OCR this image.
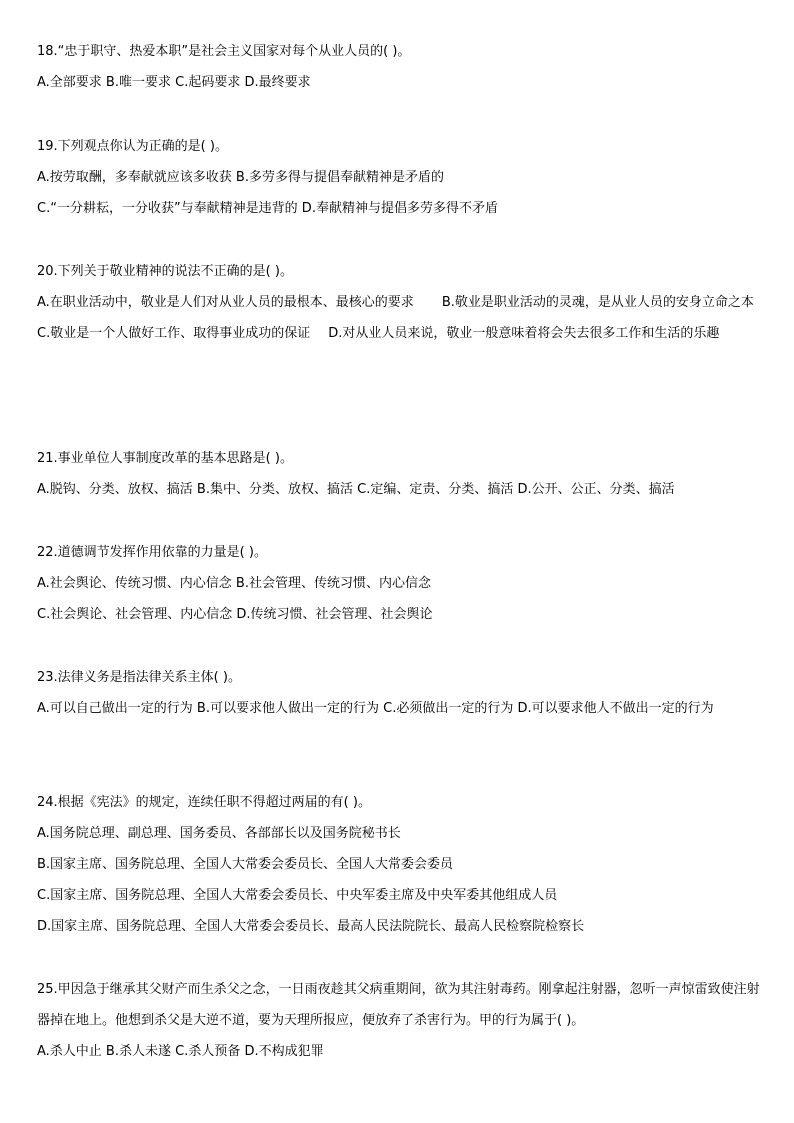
18.“忠于职守、热爱本职”是社会主义国家对每个从业人员的( )。
A.全部要求 B.唯一要求 C.起码要求 D.最终要求
19.下列观点你认为正确的是( )。
A.按劳取酬，多奉献就应该多收获 B.多劳多得与提倡奉献精神是矛盾的
C.“一分耕耘，一分收获”与奉献精神是违背的 D.奉献精神与提倡多劳多得不矛盾
20.下列关于敬业精神的说法不正确的是( )。
A.在职业活动中，敬业是人们对从业人员的最根本、最核心的要求 B.敬业是职业活动的灵魂，是从业人员的安身立命之本
C.敬业是一个人做好工作、取得事业成功的保证 D.对从业人员来说，敬业一般意味着将会失去很多工作和生活的乐趣
21.事业单位人事制度改革的基本思路是( )。
A.脱钩、分类、放权、搞活 B.集中、分类、放权、搞活 C.定编、定责、分类、搞活 D.公开、公正、分类、搞活
22.道德调节发挥作用依靠的力量是( )。
A.社会舆论、传统习惯、内心信念 B.社会管理、传统习惯、内心信念
C.社会舆论、社会管理、内心信念 D.传统习惯、社会管理、社会舆论
23.法律义务是指法律关系主体( )。
A.可以自己做出一定的行为 B.可以要求他人做出一定的行为 C.必须做出一定的行为 D.可以要求他人不做出一定的行为
24.根据《宪法》的规定，连续任职不得超过两届的有( )。
A.国务院总理、副总理、国务委员、各部部长以及国务院秘书长
B.国家主席、国务院总理、全国人大常委会委员长、全国人大常委会委员
C.国家主席、国务院总理、全国人大常委会委员长、中央军委主席及中央军委其他组成人员
D.国家主席、国务院总理、全国人大常委会委员长、最高人民法院院长、最高人民检察院检察长
25.甲因急于继承其父财产而生杀父之念，一日雨夜趁其父病重期间，欲为其注射毒药。刚拿起注射器，忽听一声惊雷致使注射器掉在地上。他想到杀父是大逆不道，要为天理所报应，便放弃了杀害行为。甲的行为属于( )。
A.杀人中止 B.杀人未遂 C.杀人预备 D.不构成犯罪
